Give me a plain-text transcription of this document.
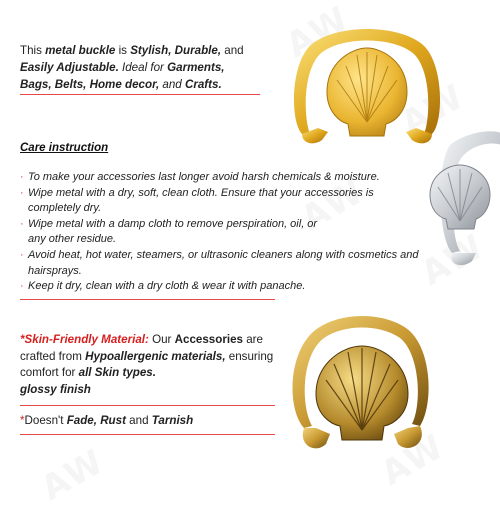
This metal buckle is Stylish, Durable, and
Easily Adjustable. Ideal for Garments,
Bags, Belts, Home decor, and Crafts.
Care instruction
· To make your accessories last longer avoid harsh chemicals & moisture.
· Wipe metal with a dry, soft, clean cloth. Ensure that your accessories is completely dry.
· Wipe metal with a damp cloth to remove perspiration, oil, or any other residue.
· Avoid heat, hot water, steamers, or ultrasonic cleaners along with cosmetics and hairsprays.
· Keep it dry, clean with a dry cloth & wear it with panache.
*Skin-Friendly Material: Our Accessories are crafted from Hypoallergenic materials, ensuring comfort for all Skin types.
glossy finish
*Doesn't Fade, Rust and Tarnish
